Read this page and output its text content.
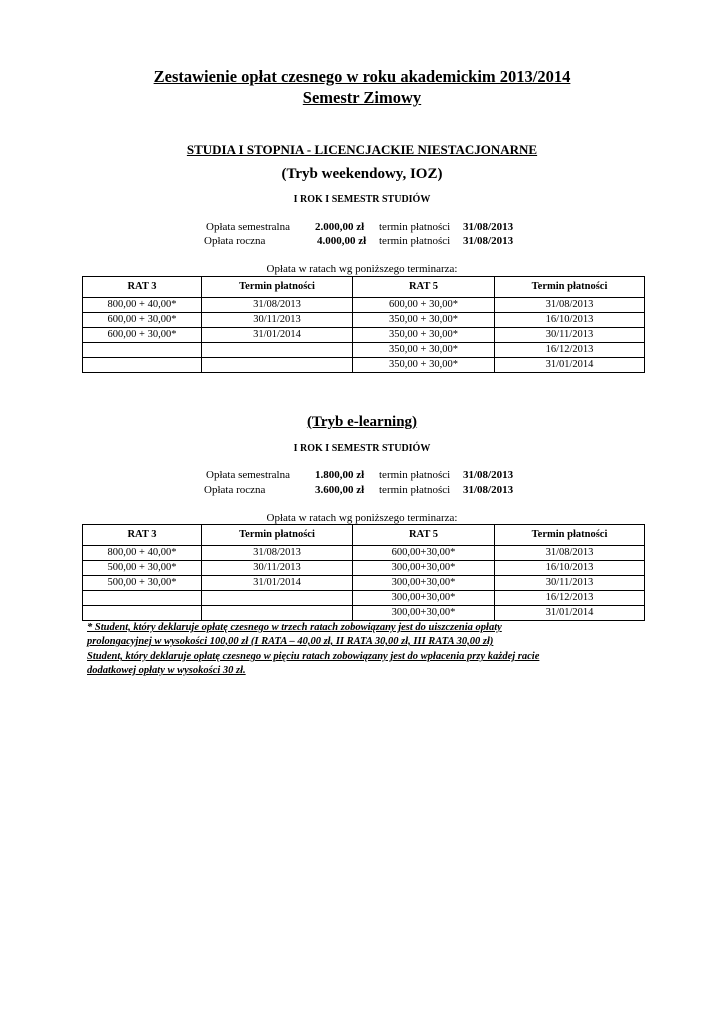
Zestawienie opłat czesnego w roku akademickim 2013/2014
Semestr Zimowy
STUDIA I STOPNIA - LICENCJACKIE NIESTACJONARNE
(Tryb weekendowy, IOZ)
I ROK I SEMESTR STUDIÓW
Opłata semestralna 2.000,00 zł termin płatności 31/08/2013
Opłata roczna	4.000,00 zł termin płatności 31/08/2013
Opłata w ratach wg poniższego terminarza:
RAT 3	Termin płatności	RAT 5	Termin płatności
800,00 + 40,00*	31/08/2013	600,00 + 30,00*	31/08/2013
600,00 + 30,00*	30/11/2013	350,00 + 30,00*	16/10/2013
600,00 + 30,00*	31/01/2014	350,00 + 30,00*	30/11/2013
		350,00 + 30,00*	16/12/2013
		350,00 + 30,00*	31/01/2014
(Tryb e-learning)
I ROK I SEMESTR STUDIÓW
Opłata semestralna 1.800,00 zł termin płatności 31/08/2013
Opłata roczna	3.600,00 zł termin płatności 31/08/2013
Opłata w ratach wg poniższego terminarza:
RAT 3	Termin płatności	RAT 5	Termin płatności
800,00 + 40,00*	31/08/2013	600,00+30,00*	31/08/2013
500,00 + 30,00*	30/11/2013	300,00+30,00*	16/10/2013
500,00 + 30,00*	31/01/2014	300,00+30,00*	30/11/2013
		300,00+30,00*	16/12/2013
		300,00+30,00*	31/01/2014
* Student, który deklaruje opłatę czesnego w trzech ratach zobowiązany jest do uiszczenia opłaty
prolongacyjnej w wysokości 100,00 zł (I RATA – 40,00 zł, II RATA 30,00 zł, III RATA 30,00 zł)
Student, który deklaruje opłatę czesnego w pięciu ratach zobowiązany jest do wpłacenia przy każdej racie
dodatkowej opłaty w wysokości 30 zł.
